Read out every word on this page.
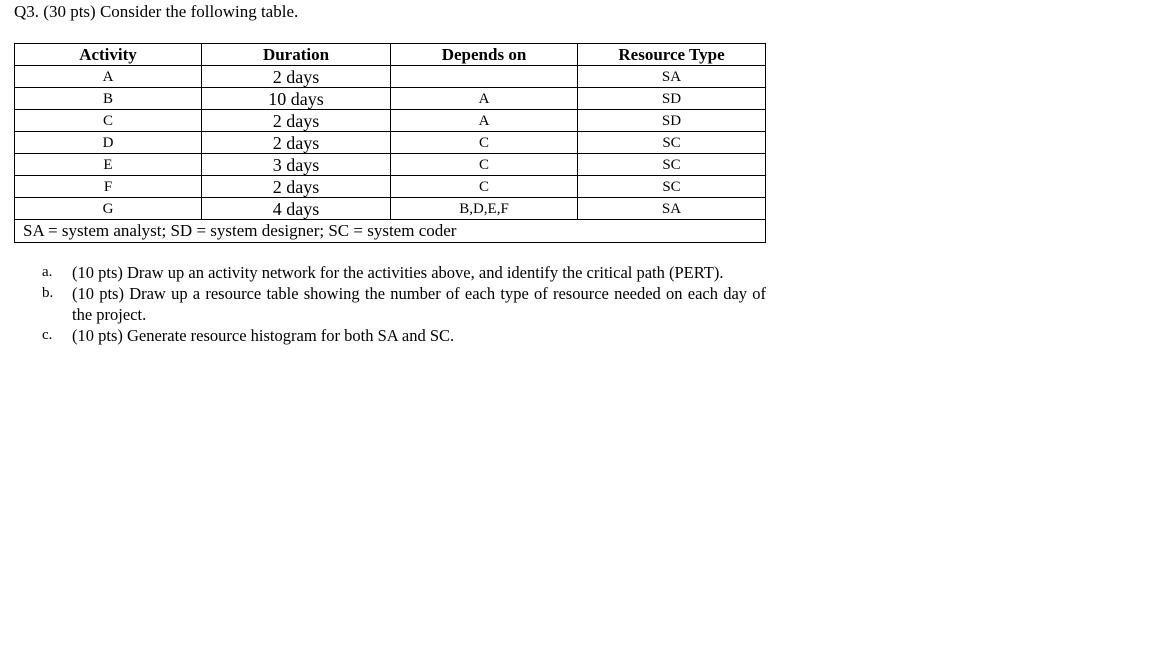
Q3. (30 pts) Consider the following table.
Activity	Duration	Depends on	Resource Type
A	2 days		SA
B	10 days	A	SD
C	2 days	A	SD
D	2 days	C	SC
E	3 days	C	SC
F	2 days	C	SC
G	4 days	B,D,E,F	SA
SA = system analyst; SD = system designer; SC = system coder			
a.	(10 pts) Draw up an activity network for the activities above, and identify the critical path (PERT).
b.	(10 pts) Draw up a resource table showing the number of each type of resource needed on each day of the project.
c.	(10 pts) Generate resource histogram for both SA and SC.
